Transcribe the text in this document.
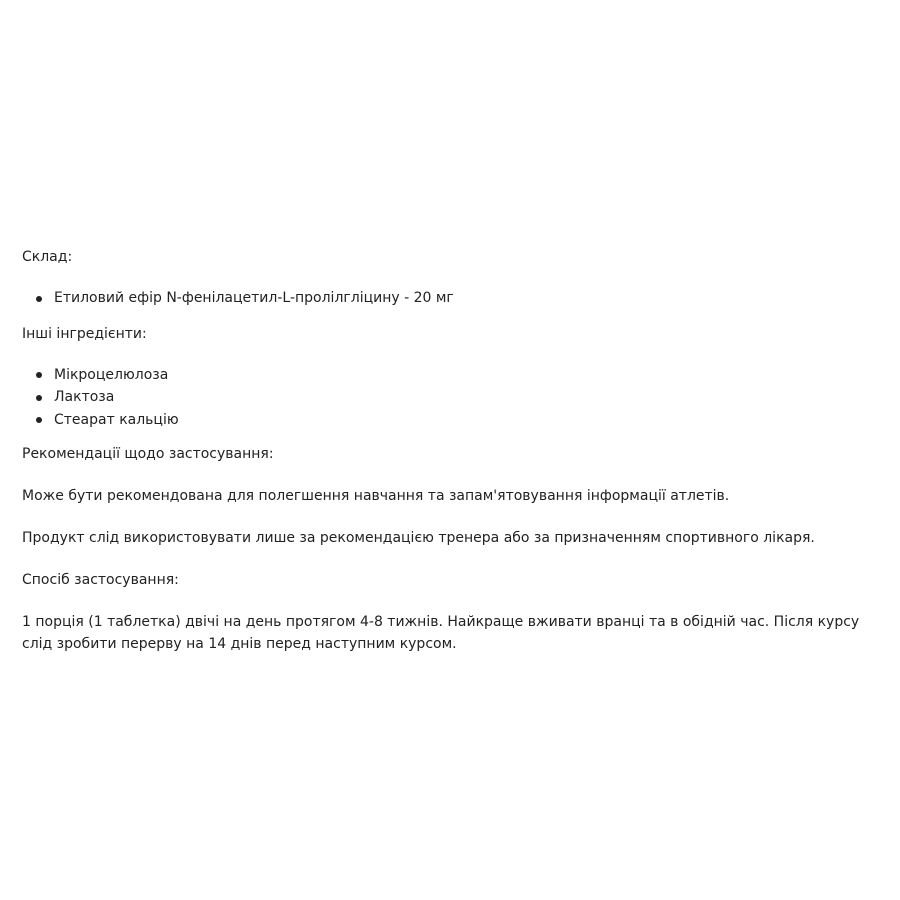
Склад:

Етиловий ефір N-фенілацетил-L-пролілгліцину - 20 мг

Інші інгредієнти:

Мікроцелюлоза
Лактоза
Стеарат кальцію

Рекомендації щодо застосування:

Може бути рекомендована для полегшення навчання та запам'ятовування інформації атлетів.

Продукт слід використовувати лише за рекомендацією тренера або за призначенням спортивного лікаря.

Спосіб застосування:

1 порція (1 таблетка) двічі на день протягом 4-8 тижнів. Найкраще вживати вранці та в обідній час. Після курсу слід зробити перерву на 14 днів перед наступним курсом.
